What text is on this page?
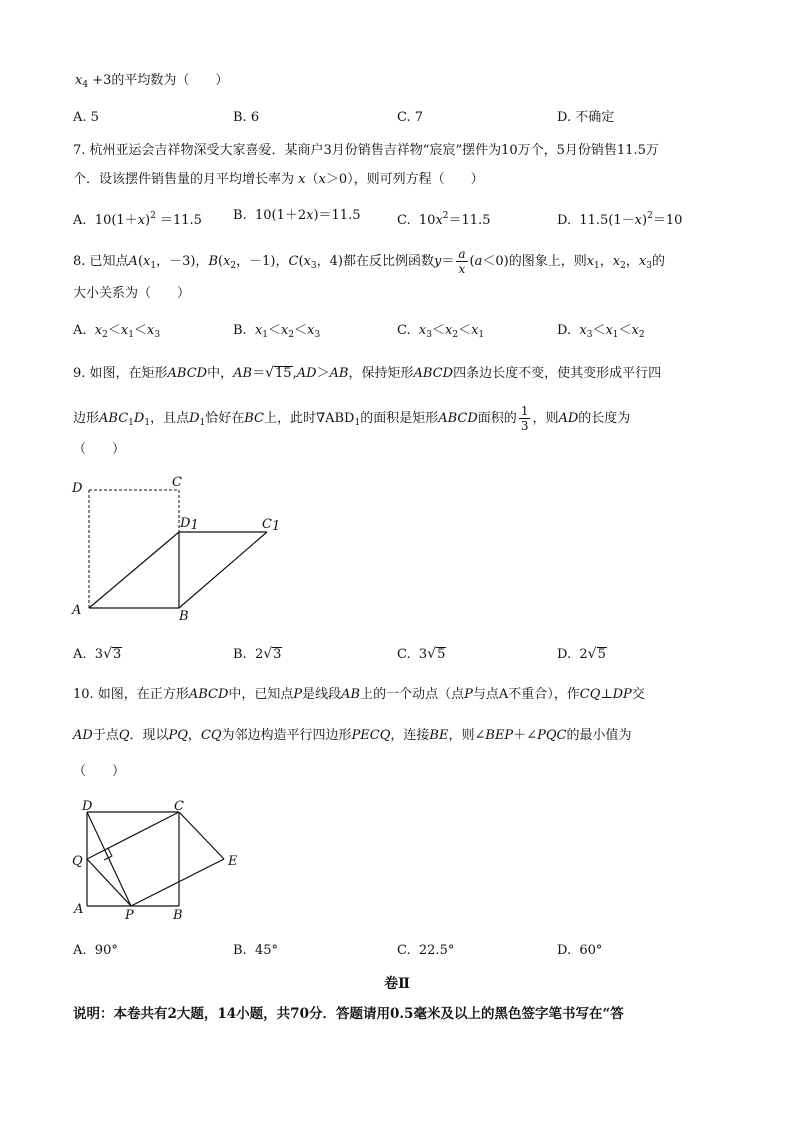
$x_4 +3$的平均数为（　　）
A. 5	B. 6	C. 7	D. 不确定
7. 杭州亚运会吉祥物深受大家喜爱．某商户3月份销售吉祥物“宸宸”摆件为10万个，5月份销售11.5万
个．设该摆件销售量的月平均增长率为 x（x＞0），则可列方程（　　）
A.  $10(1+x)^2 =11.5$ B.  10(1＋2x)＝11.5	C.  $10x^2=11.5$	D.  $11.5(1-x)^2=10$
8. 已知点$A(x_1$，－3)，$B(x_2$，－1)，$C(x_3$，4)都在反比例函数$y= \frac{a}{x} (a<0)$的图象上，则$x_1$，$x_2$，$x_3$的
大小关系为（　　）
A. $x_2<x_1<x_3$	B. $x_1<x_2<x_3$	C. $x_3<x_2<x_1$	D. $x_3<x_1<x_2$
9. 如图，在矩形ABCD中，AB＝√15,AD＞AB，保持矩形ABCD四条边长度不变，使其变形成平行四
边形$ABC_1D_1$，且点$D_1$恰好在BC上，此时$\nabla ABD_1$的面积是矩形ABCD面积的 $\frac{1}{3}$ ，则AD的长度为
（　　）
D	C
D1	C1
A	B
A.  3√3	B.  2√3	C.  3√5	D.  2√5
10. 如图，在正方形ABCD中，已知点P是线段AB上的一个动点（点P与点A不重合），作CQ⊥DP交
AD于点Q．现以PQ，CQ为邻边构造平行四边形PECQ，连接BE，则∠BEP＋∠PQC的最小值为
（　　）
D	C
Q	E
A	P	B
A. 90°	B. 45°	C. 22.5°	D. 60°
卷Ⅱ
说明：本卷共有2大题，14小题，共70分．答题请用0.5毫米及以上的黑色签字笔书写在“答
